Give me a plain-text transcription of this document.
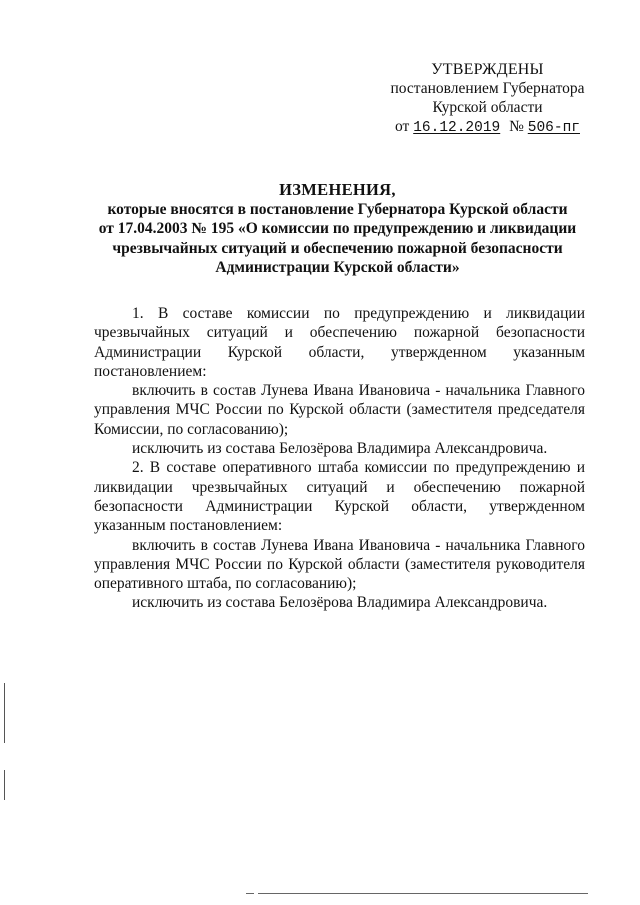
УТВЕРЖДЕНЫ
постановлением Губернатора
Курской области
от 16.12.2019 № 506-пг
ИЗМЕНЕНИЯ,
которые вносятся в постановление Губернатора Курской области
от 17.04.2003 № 195 «О комиссии по предупреждению и ликвидации
чрезвычайных ситуаций и обеспечению пожарной безопасности
Администрации Курской области»

1. В составе комиссии по предупреждению и ликвидации чрезвычайных ситуаций и обеспечению пожарной безопасности Администрации Курской области, утвержденном указанным постановлением:

включить в состав Лунева Ивана Ивановича - начальника Главного управления МЧС России по Курской области (заместителя председателя Комиссии, по согласованию);

исключить из состава Белозёрова Владимира Александровича.

2. В составе оперативного штаба комиссии по предупреждению и ликвидации чрезвычайных ситуаций и обеспечению пожарной безопасности Администрации Курской области, утвержденном указанным постановлением:

включить в состав Лунева Ивана Ивановича - начальника Главного управления МЧС России по Курской области (заместителя руководителя оперативного штаба, по согласованию);

исключить из состава Белозёрова Владимира Александровича.
